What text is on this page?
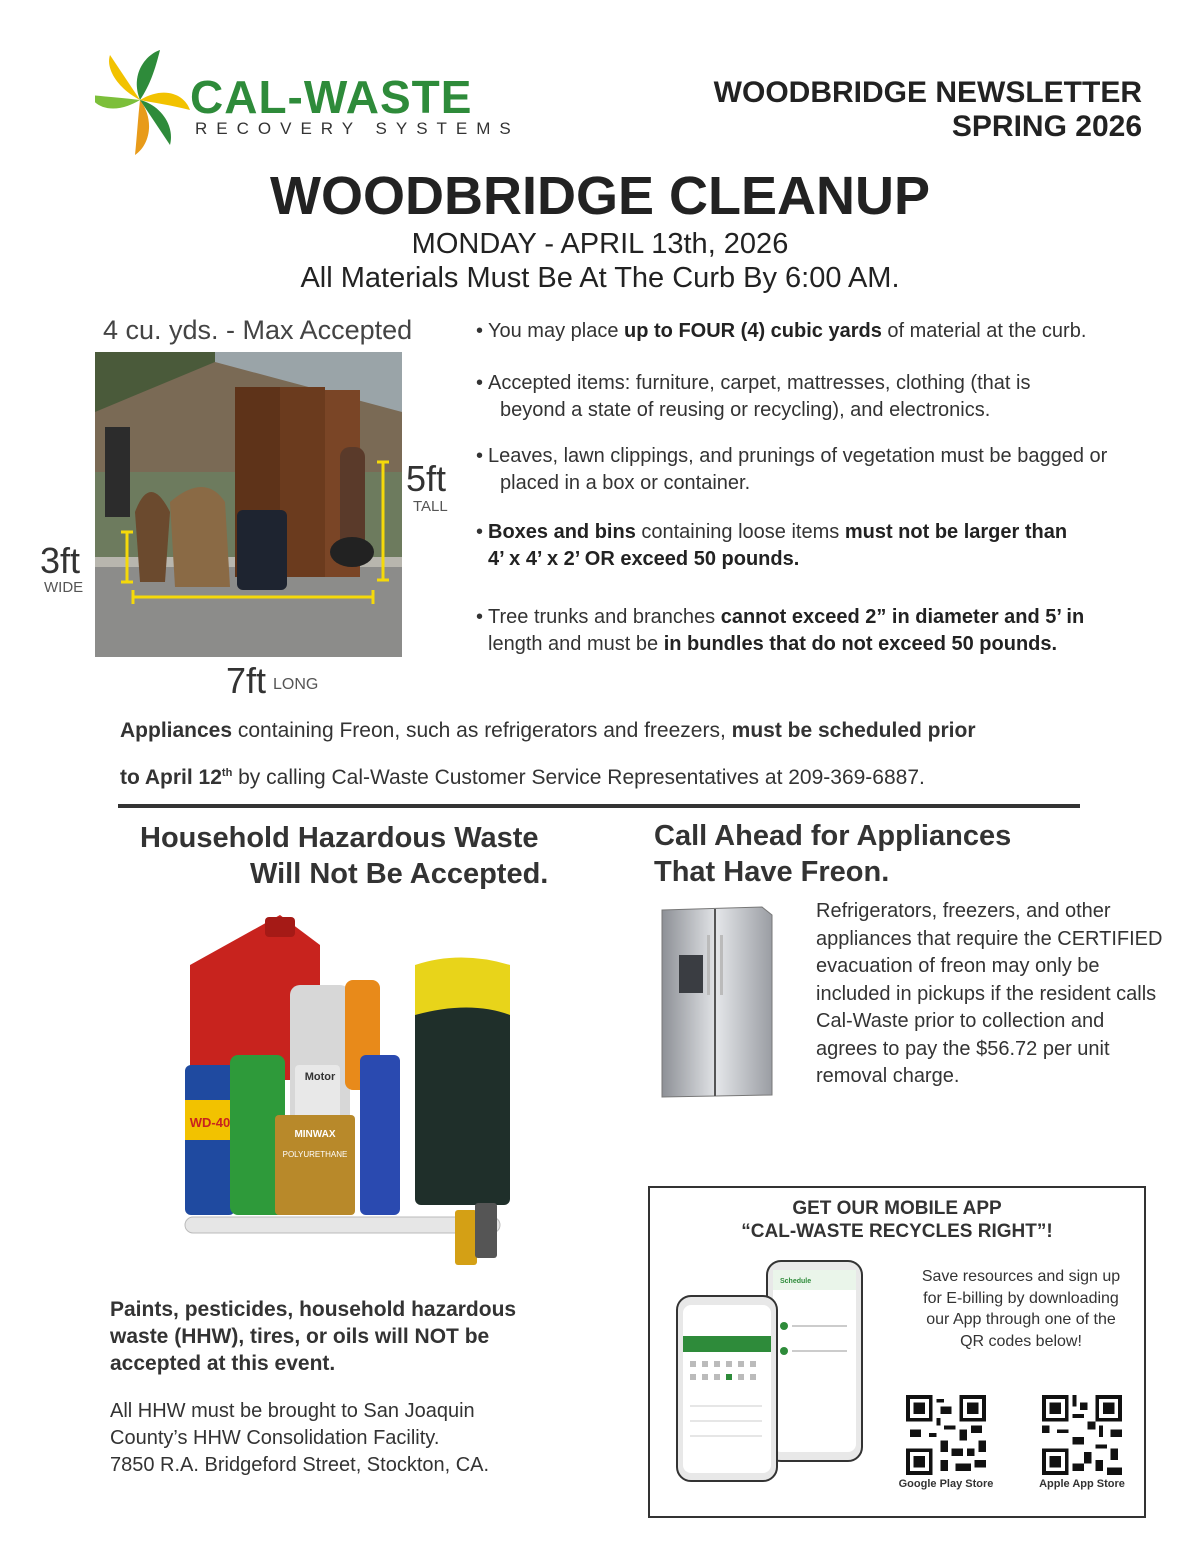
CAL-WASTE
RECOVERY SYSTEMS
WOODBRIDGE NEWSLETTER
SPRING 2026
WOODBRIDGE CLEANUP
MONDAY - APRIL 13th, 2026
All Materials Must Be At The Curb By 6:00 AM.
4 cu. yds. - Max Accepted
5ft
TALL
3ft
WIDE
7ft LONG
• You may place up to FOUR (4) cubic yards of material at the curb.
• Accepted items: furniture, carpet, mattresses, clothing (that is
beyond a state of reusing or recycling), and electronics.
• Leaves, lawn clippings, and prunings of vegetation must be bagged or
placed in a box or container.
• Boxes and bins containing loose items must not be larger than
4’ x 4’ x 2’ OR exceed 50 pounds.
• Tree trunks and branches cannot exceed 2” in diameter and 5’ in
length and must be in bundles that do not exceed 50 pounds.
Appliances containing Freon, such as refrigerators and freezers, must be scheduled prior
to April 12th by calling Cal-Waste Customer Service Representatives at 209-369-6887.
Household Hazardous Waste
Will Not Be Accepted.
WD-40
Motor
MINWAX
POLYURETHANE
Paints, pesticides, household hazardous waste (HHW), tires, or oils will NOT be accepted at this event.
All HHW must be brought to San Joaquin
County’s HHW Consolidation Facility.
7850 R.A. Bridgeford Street, Stockton, CA.
Call Ahead for Appliances
That Have Freon.
Refrigerators, freezers, and other appliances that require the CERTIFIED evacuation of freon may only be included in pickups if the resident calls Cal-Waste prior to collection and agrees to pay the $56.72 per unit removal charge.
GET OUR MOBILE APP
“CAL-WASTE RECYCLES RIGHT”!
Schedule	Save resources and sign up for E-billing by downloading our App through one of the QR codes below!
Google Play Store	Apple App Store
